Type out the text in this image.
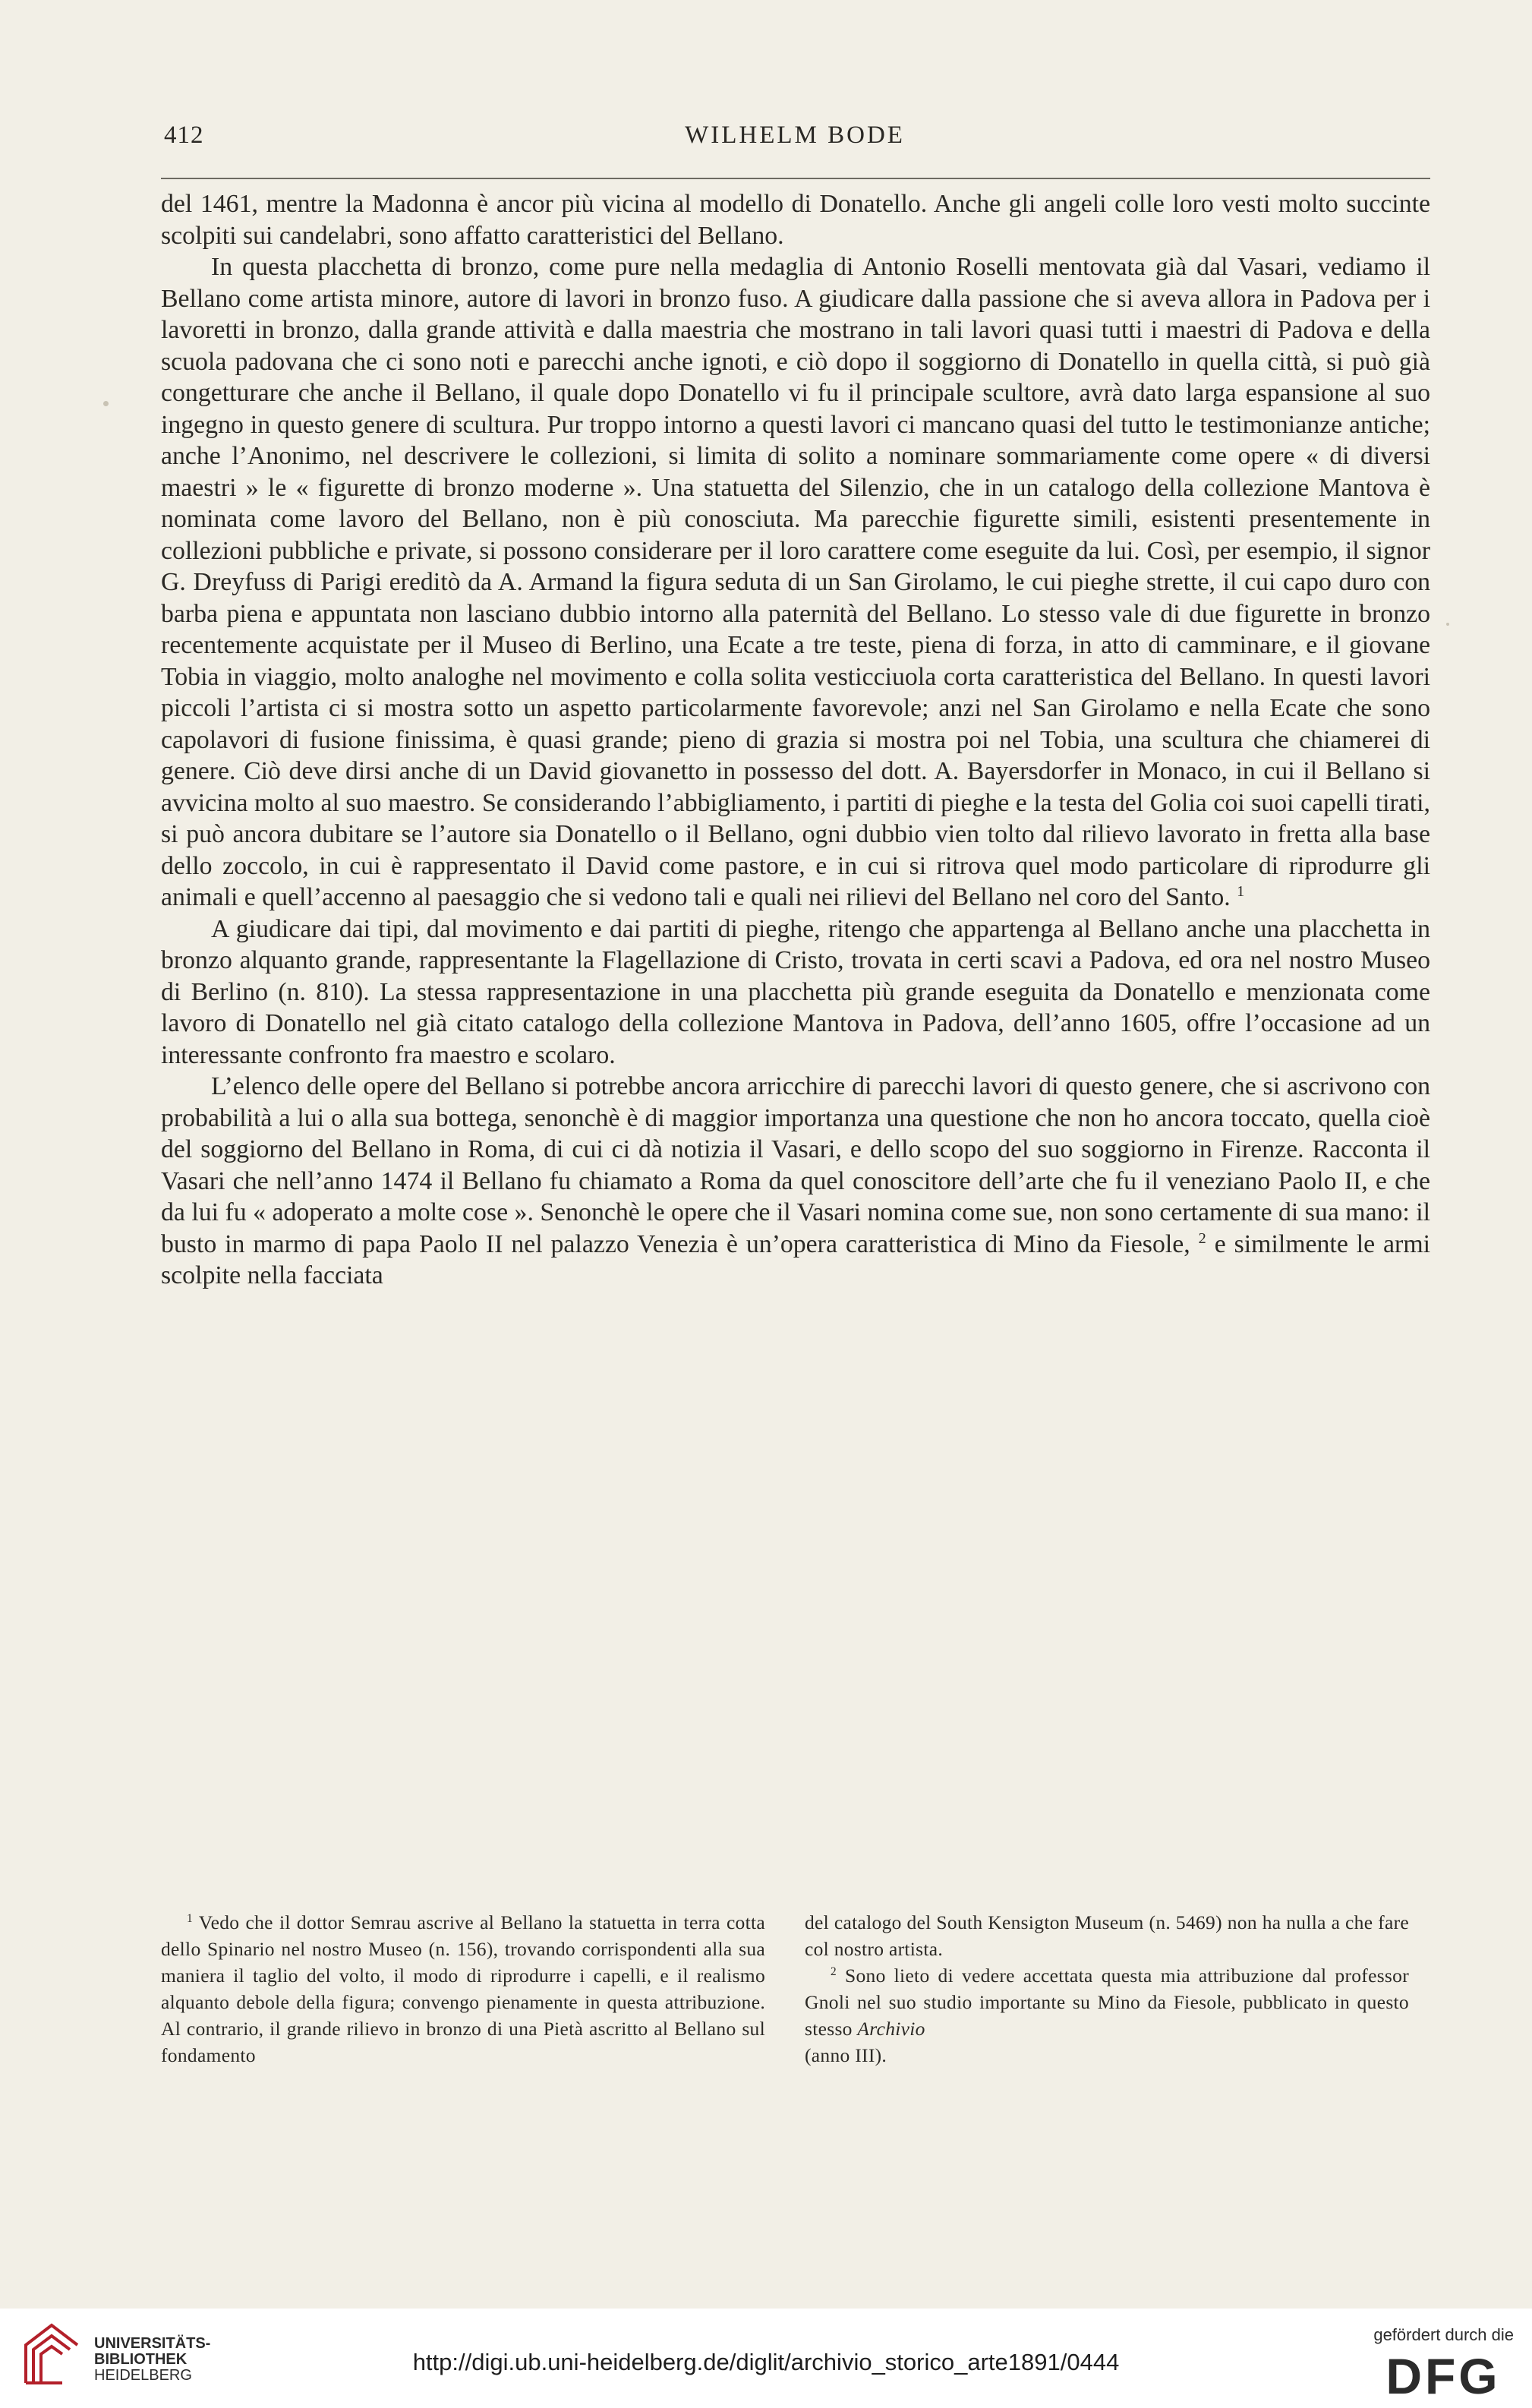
412	WILHELM BODE

del 1461, mentre la Madonna è ancor più vicina al modello di Donatello. Anche gli angeli colle loro vesti molto succinte scolpiti sui candelabri, sono affatto caratteristici del Bellano.

In questa placchetta di bronzo, come pure nella medaglia di Antonio Roselli mentovata già dal Vasari, vediamo il Bellano come artista minore, autore di lavori in bronzo fuso. A giudicare dalla passione che si aveva allora in Padova per i lavoretti in bronzo, dalla grande attività e dalla maestria che mostrano in tali lavori quasi tutti i maestri di Padova e della scuola padovana che ci sono noti e parecchi anche ignoti, e ciò dopo il soggiorno di Donatello in quella città, si può già congetturare che anche il Bellano, il quale dopo Donatello vi fu il principale scultore, avrà dato larga espansione al suo ingegno in questo genere di scultura. Pur troppo intorno a questi lavori ci mancano quasi del tutto le testimonianze antiche; anche l’Anonimo, nel descrivere le collezioni, si limita di solito a nominare sommariamente come opere « di diversi maestri » le « figurette di bronzo moderne ». Una statuetta del Silenzio, che in un catalogo della collezione Mantova è nominata come lavoro del Bellano, non è più conosciuta. Ma parecchie figurette simili, esistenti presentemente in collezioni pubbliche e private, si possono considerare per il loro carattere come eseguite da lui. Così, per esempio, il signor G. Dreyfuss di Parigi ereditò da A. Armand la figura seduta di un San Girolamo, le cui pieghe strette, il cui capo duro con barba piena e appuntata non lasciano dubbio intorno alla paternità del Bellano. Lo stesso vale di due figurette in bronzo recentemente acquistate per il Museo di Berlino, una Ecate a tre teste, piena di forza, in atto di camminare, e il giovane Tobia in viaggio, molto analoghe nel movimento e colla solita vesticciuola corta caratteristica del Bellano. In questi lavori piccoli l’artista ci si mostra sotto un aspetto particolarmente favorevole; anzi nel San Girolamo e nella Ecate che sono capolavori di fusione finissima, è quasi grande; pieno di grazia si mostra poi nel Tobia, una scultura che chiamerei di genere. Ciò deve dirsi anche di un David giovanetto in possesso del dott. A. Bayersdorfer in Monaco, in cui il Bellano si avvicina molto al suo maestro. Se considerando l’abbigliamento, i partiti di pieghe e la testa del Golia coi suoi capelli tirati, si può ancora dubitare se l’autore sia Donatello o il Bellano, ogni dubbio vien tolto dal rilievo lavorato in fretta alla base dello zoccolo, in cui è rappresentato il David come pastore, e in cui si ritrova quel modo particolare di riprodurre gli animali e quell’accenno al paesaggio che si vedono tali e quali nei rilievi del Bellano nel coro del Santo. $^1$

A giudicare dai tipi, dal movimento e dai partiti di pieghe, ritengo che appartenga al Bellano anche una placchetta in bronzo alquanto grande, rappresentante la Flagellazione di Cristo, trovata in certi scavi a Padova, ed ora nel nostro Museo di Berlino (n. 810). La stessa rappresentazione in una placchetta più grande eseguita da Donatello e menzionata come lavoro di Donatello nel già citato catalogo della collezione Mantova in Padova, dell’anno 1605, offre l’occasione ad un interessante confronto fra maestro e scolaro.

L’elenco delle opere del Bellano si potrebbe ancora arricchire di parecchi lavori di questo genere, che si ascrivono con probabilità a lui o alla sua bottega, senonchè è di maggior importanza una questione che non ho ancora toccato, quella cioè del soggiorno del Bellano in Roma, di cui ci dà notizia il Vasari, e dello scopo del suo soggiorno in Firenze. Racconta il Vasari che nell’anno 1474 il Bellano fu chiamato a Roma da quel conoscitore dell’arte che fu il veneziano Paolo II, e che da lui fu « adoperato a molte cose ». Senonchè le opere che il Vasari nomina come sue, non sono certamente di sua mano: il busto in marmo di papa Paolo II nel palazzo Venezia è un’opera caratteristica di Mino da Fiesole, $^2$ e similmente le armi scolpite nella facciata

$^1$ Vedo che il dottor Semrau ascrive al Bellano la statuetta in terra cotta dello Spinario nel nostro Museo (n. 156), trovando corrispondenti alla sua maniera il taglio del volto, il modo di riprodurre i capelli, e il realismo alquanto debole della figura; convengo pienamente in questa attribuzione. Al contrario, il grande rilievo in bronzo di una Pietà ascritto al Bellano sul fondamento

del catalogo del South Kensigton Museum (n. 5469) non ha nulla a che fare col nostro artista.

$^2$ Sono lieto di vedere accettata questa mia attribuzione dal professor Gnoli nel suo studio importante su Mino da Fiesole, pubblicato in questo stesso Archivio
(anno III).

UNIVERSITÄTS-
BIBLIOTHEK
HEIDELBERG	http://digi.ub.uni-heidelberg.de/diglit/archivio_storico_arte1891/0444
gefördert durch die
DFG
